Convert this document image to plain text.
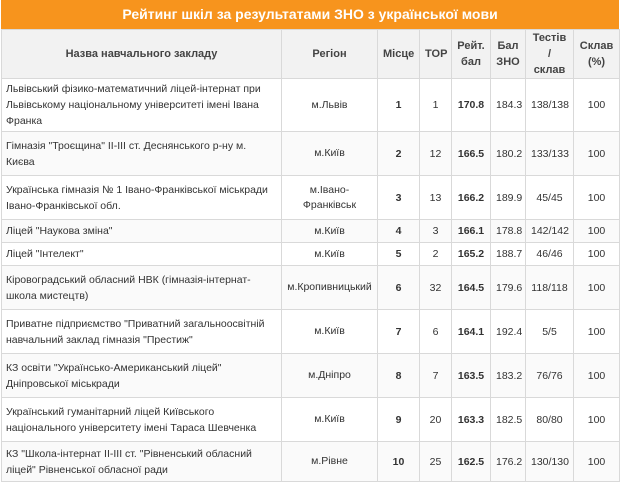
Рейтинг шкіл за результатами ЗНО з української мови
Назва навчального закладу	Регіон	Місце	TOP	Рейт. бал	Бал ЗНО	Тестів / склав	Склав (%)
Львівський фізико-математичний ліцей-інтернат при Львівському національному університеті імені Івана Франка	м.Львів	1	1	170.8	184.3	138/138	100
Гімназія "Троєщина" ІІ-ІІІ ст. Деснянського р-ну м. Києва	м.Київ	2	12	166.5	180.2	133/133	100
Українська гімназія № 1 Івано-Франківської міськради Івано-Франківської обл.	м.Івано-Франківськ	3	13	166.2	189.9	45/45	100
Ліцей "Наукова зміна"	м.Київ	4	3	166.1	178.8	142/142	100
Ліцей "Інтелект"	м.Київ	5	2	165.2	188.7	46/46	100
Кіровоградський обласний НВК (гімназія-інтернат-школа мистецтв)	м.Кропивницький	6	32	164.5	179.6	118/118	100
Приватне підприємство "Приватний загальноосвітній навчальний заклад гімназія "Престиж"	м.Київ	7	6	164.1	192.4	5/5	100
КЗ освіти "Українсько-Американський ліцей" Дніпровської міськради	м.Дніпро	8	7	163.5	183.2	76/76	100
Український гуманітарний ліцей Київського національного університету імені Тараса Шевченка	м.Київ	9	20	163.3	182.5	80/80	100
КЗ "Школа-інтернат ІІ-ІІІ ст. "Рівненський обласний ліцей" Рівненської обласної ради	м.Рівне	10	25	162.5	176.2	130/130	100
